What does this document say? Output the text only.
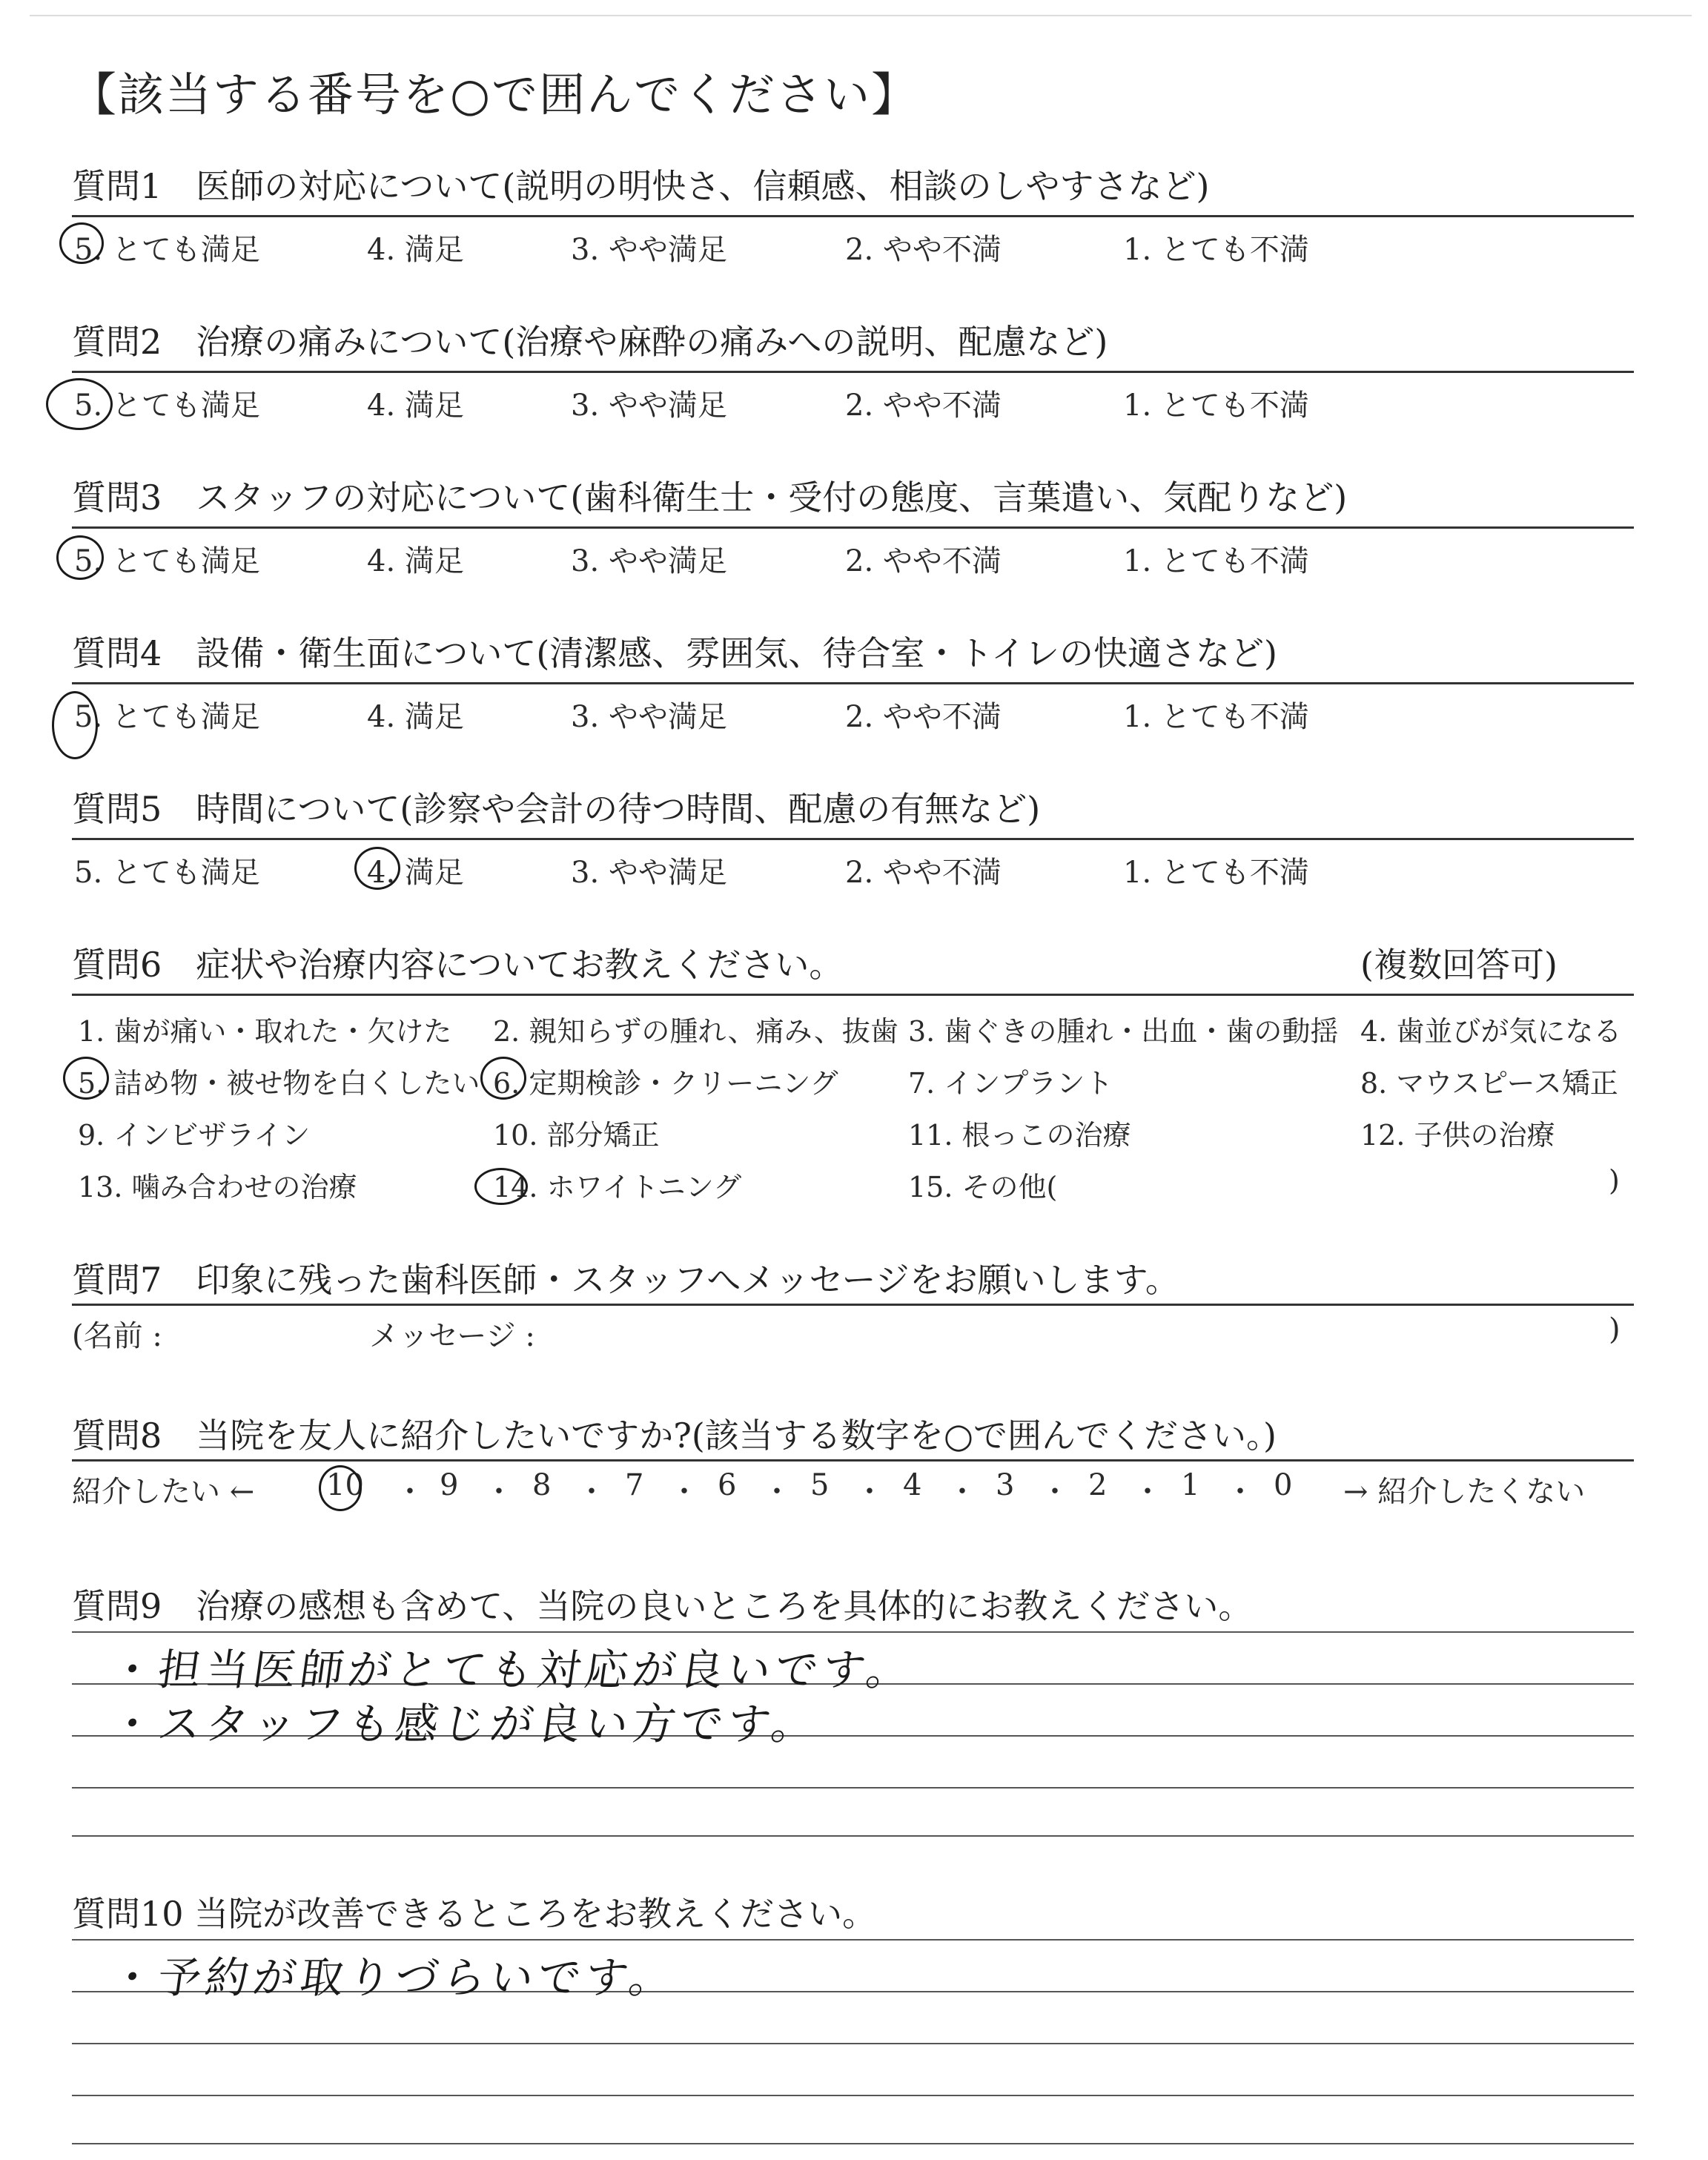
【該当する番号を○で囲んでください】
質問1　医師の対応について(説明の明快さ、信頼感、相談のしやすさなど)
5. とても満足	4. 満足	3. やや満足	2. やや不満	1. とても不満
質問2　治療の痛みについて(治療や麻酔の痛みへの説明、配慮など)
5. とても満足	4. 満足	3. やや満足	2. やや不満	1. とても不満
質問3　スタッフの対応について(歯科衛生士・受付の態度、言葉遣い、気配りなど)
5. とても満足	4. 満足	3. やや満足	2. やや不満	1. とても不満
質問4　設備・衛生面について(清潔感、雰囲気、待合室・トイレの快適さなど)
5. とても満足	4. 満足	3. やや満足	2. やや不満	1. とても不満
質問5　時間について(診察や会計の待つ時間、配慮の有無など)
5. とても満足	4. 満足	3. やや満足	2. やや不満	1. とても不満
質問6　症状や治療内容についてお教えください。	(複数回答可)
1. 歯が痛い・取れた・欠けた 2. 親知らずの腫れ、痛み、抜歯 3. 歯ぐきの腫れ・出血・歯の動揺 4. 歯並びが気になる
5. 詰め物・被せ物を白くしたい 6. 定期検診・クリーニング 7. インプラント	8. マウスピース矯正
9. インビザライン	10. 部分矯正	11. 根っこの治療	12. 子供の治療
13. 噛み合わせの治療	14. ホワイトニング	15. その他(	)
質問7　印象に残った歯科医師・スタッフへメッセージをお願いします。
(名前 :	メッセージ :	)
質問8　当院を友人に紹介したいですか?(該当する数字を○で囲んでください。)
紹介したい ← 10 ・ 9 ・ 8 ・ 7 ・ 6 ・ 5 ・ 4 ・ 3 ・ 2 ・ 1 ・ 0 → 紹介したくない
質問9　治療の感想も含めて、当院の良いところを具体的にお教えください。
・担当医師がとても対応が良いです。
・スタッフも感じが良い方です。
質問10 当院が改善できるところをお教えください。
・予約が取りづらいです。
